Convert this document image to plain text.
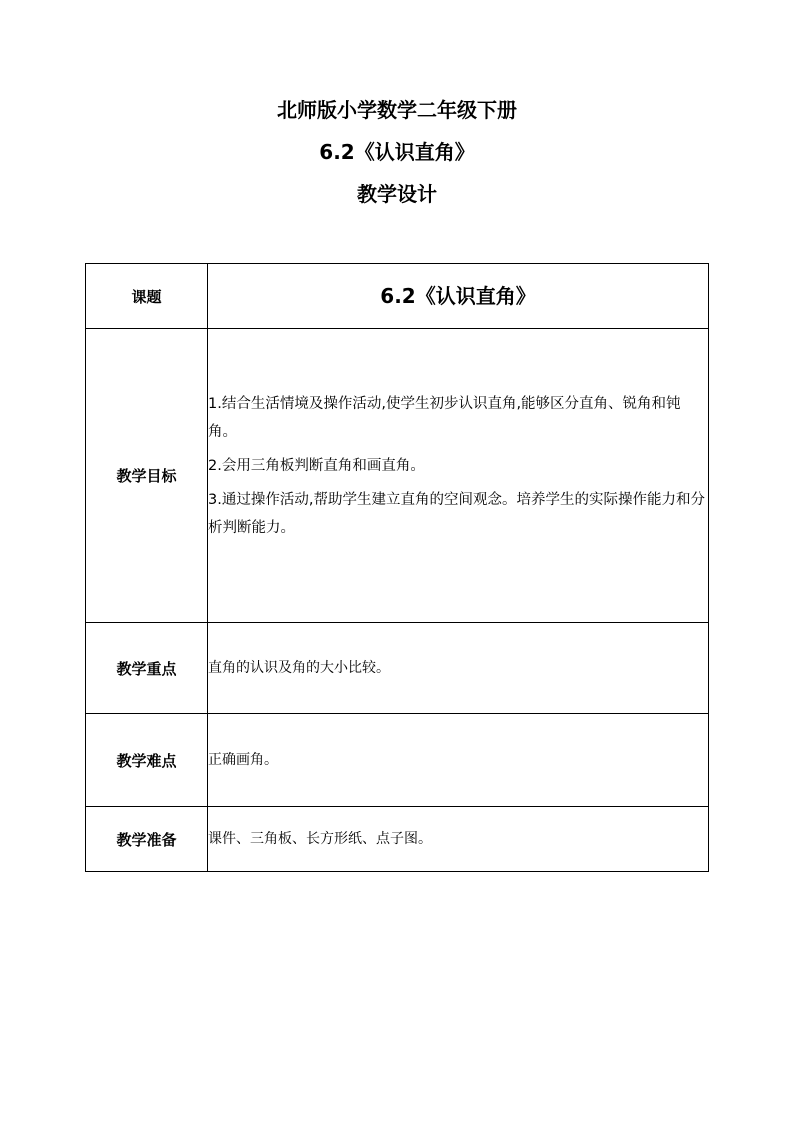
北师版小学数学二年级下册
6.2《认识直角》
教学设计
课题	6.2《认识直角》
教学目标	1.结合生活情境及操作活动,使学生初步认识直角,能够区分直角、锐角和钝角。
2.会用三角板判断直角和画直角。
3.通过操作活动,帮助学生建立直角的空间观念。培养学生的实际操作能力和分析判断能力。

教学重点	直角的认识及角的大小比较。
教学难点	正确画角。
教学准备	课件、三角板、长方形纸、点子图。
